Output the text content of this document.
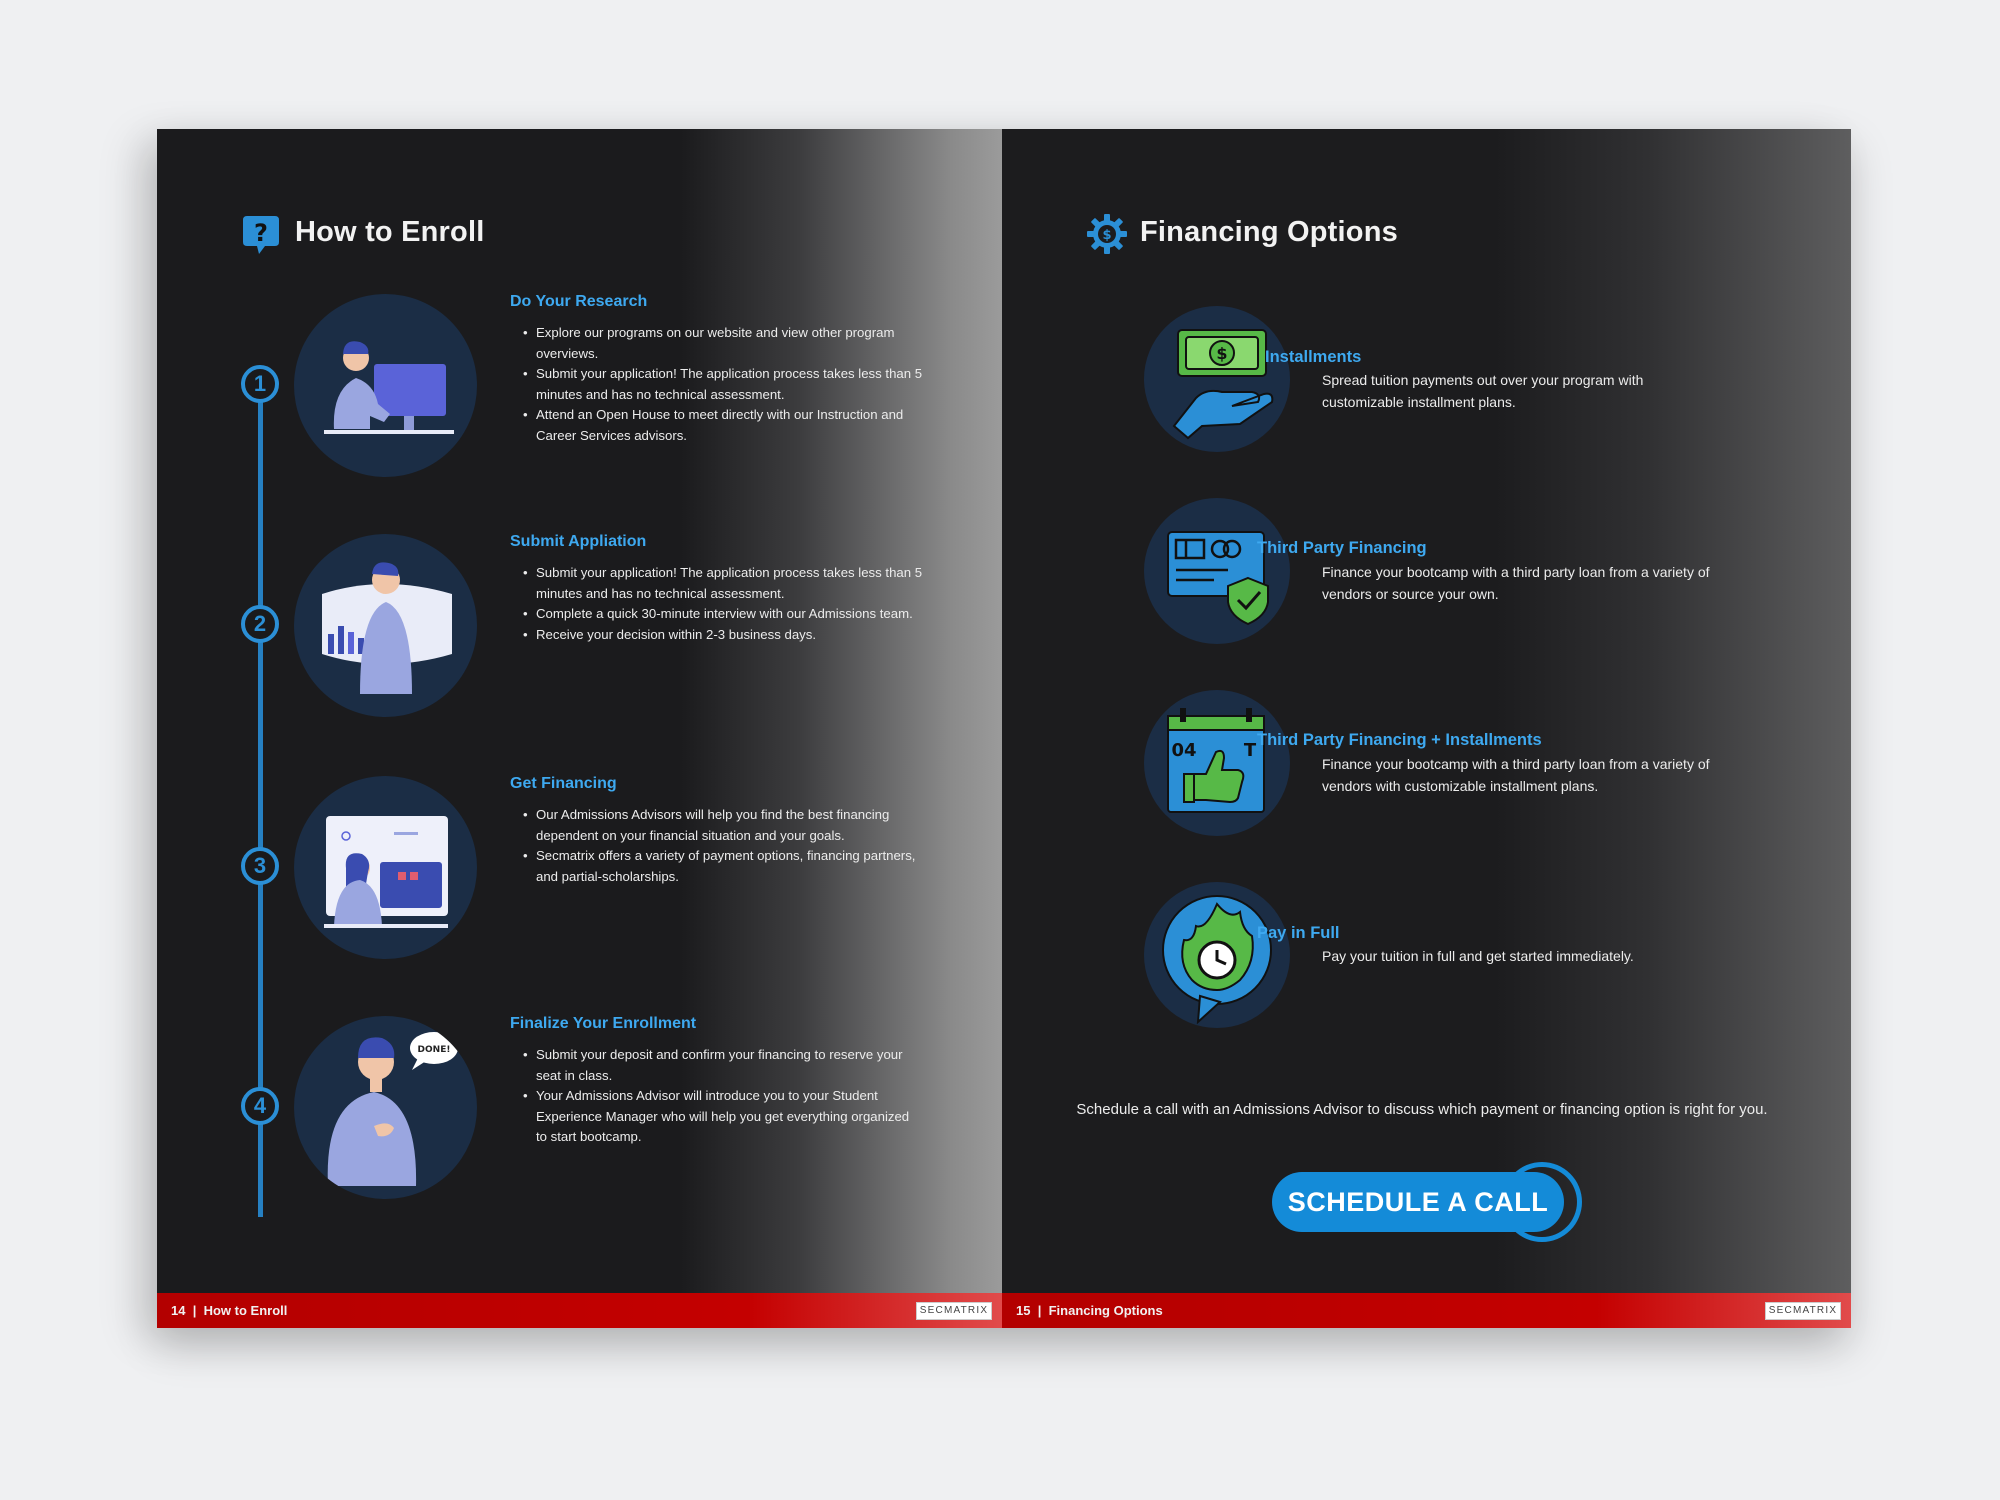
? How to Enroll
1
Do Your Research
• Explore our programs on our website and view other program overviews.
• Submit your application! The application process takes less than 5 minutes and has no technical assessment.
• Attend an Open House to meet directly with our Instruction and Career Services advisors.
2
Submit Appliation
• Submit your application! The application process takes less than 5 minutes and has no technical assessment.
• Complete a quick 30-minute interview with our Admissions team.
• Receive your decision within 2-3 business days.
3
Get Financing
• Our Admissions Advisors will help you find the best financing dependent on your financial situation and your goals.
• Secmatrix offers a variety of payment options, financing partners, and partial-scholarships.
4
DONE!
Finalize Your Enrollment
• Submit your deposit and confirm your financing to reserve your seat in class.
• Your Admissions Advisor will introduce you to your Student Experience Manager who will help you get everything organized to start bootcamp.
14  |  How to Enroll	SECMATRIX
$ Financing Options
$ Installments
Spread tuition payments out over your program with customizable installment plans.
Third Party Financing
Finance your bootcamp with a third party loan from a variety of vendors or source your own.
04	T Third Party Financing + Installments
Finance your bootcamp with a third party loan from a variety of vendors with customizable installment plans.
Pay in Full
Pay your tuition in full and get started immediately.
Schedule a call with an Admissions Advisor to discuss which payment or financing option is right for you.
SCHEDULE A CALL
15  |  Financing Options	SECMATRIX
